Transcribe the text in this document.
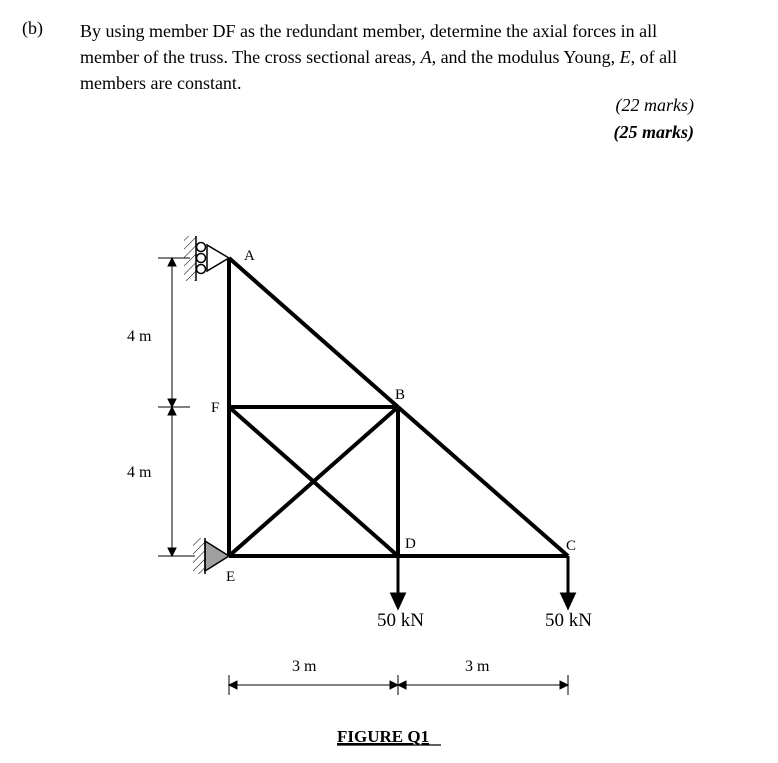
(b) By using member DF as the redundant member, determine the axial forces in all member of the truss. The cross sectional areas, A, and the modulus Young, E, of all members are constant.
(22 marks)
(25 marks)
A
B
C
D
E
F
4 m
4 m
3 m	3 m
50 kN	50 kN
FIGURE Q1
